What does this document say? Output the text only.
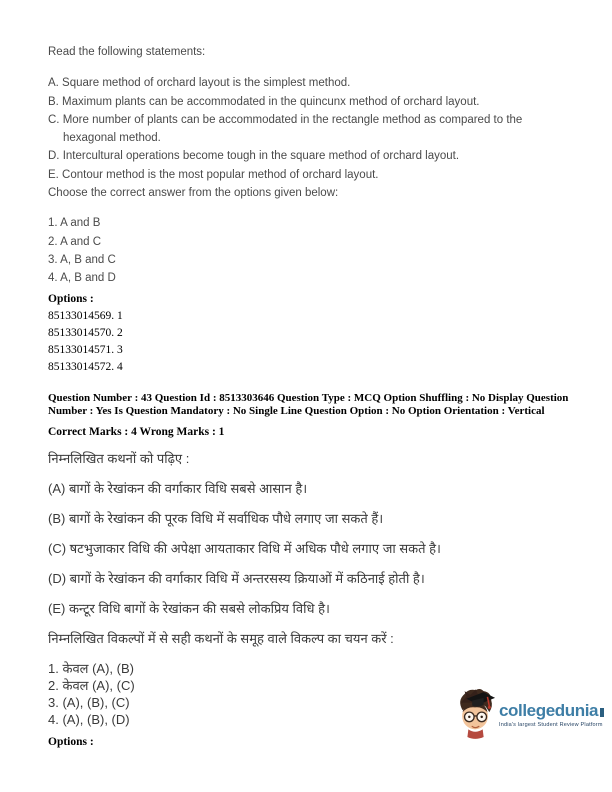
Read the following statements:

A. Square method of orchard layout is the simplest method.

B. Maximum plants can be accommodated in the quincunx method of orchard layout.

C. More number of plants can be accommodated in the rectangle method as compared to the hexagonal method.

D. Intercultural operations become tough in the square method of orchard layout.

E. Contour method is the most popular method of orchard layout.

Choose the correct answer from the options given below:

1. A and B

2. A and C

3. A, B and C

4. A, B and D

Options :

85133014569. 1

85133014570. 2

85133014571. 3

85133014572. 4

Question Number : 43 Question Id : 8513303646 Question Type : MCQ Option Shuffling : No Display Question Number : Yes Is Question Mandatory : No Single Line Question Option : No Option Orientation : Vertical

Correct Marks : 4 Wrong Marks : 1

निम्नलिखित कथनों को पढ़िए :

(A) बागों के रेखांकन की वर्गाकार विधि सबसे आसान है।

(B) बागों के रेखांकन की पूरक विधि में सर्वाधिक पौधे लगाए जा सकते हैं।

(C) षटभुजाकार विधि की अपेक्षा आयताकार विधि में अधिक पौधे लगाए जा सकते है।

(D) बागों के रेखांकन की वर्गाकार विधि में अन्तरसस्य क्रियाओं में कठिनाई होती है।

(E) कन्टूर विधि बागों के रेखांकन की सबसे लोकप्रिय विधि है।

निम्नलिखित विकल्पों में से सही कथनों के समूह वाले विकल्प का चयन करें :

1. केवल (A), (B)

2. केवल (A), (C)

3. (A), (B), (C)

4. (A), (B), (D)

Options :

collegedunia
India's largest Student Review Platform
